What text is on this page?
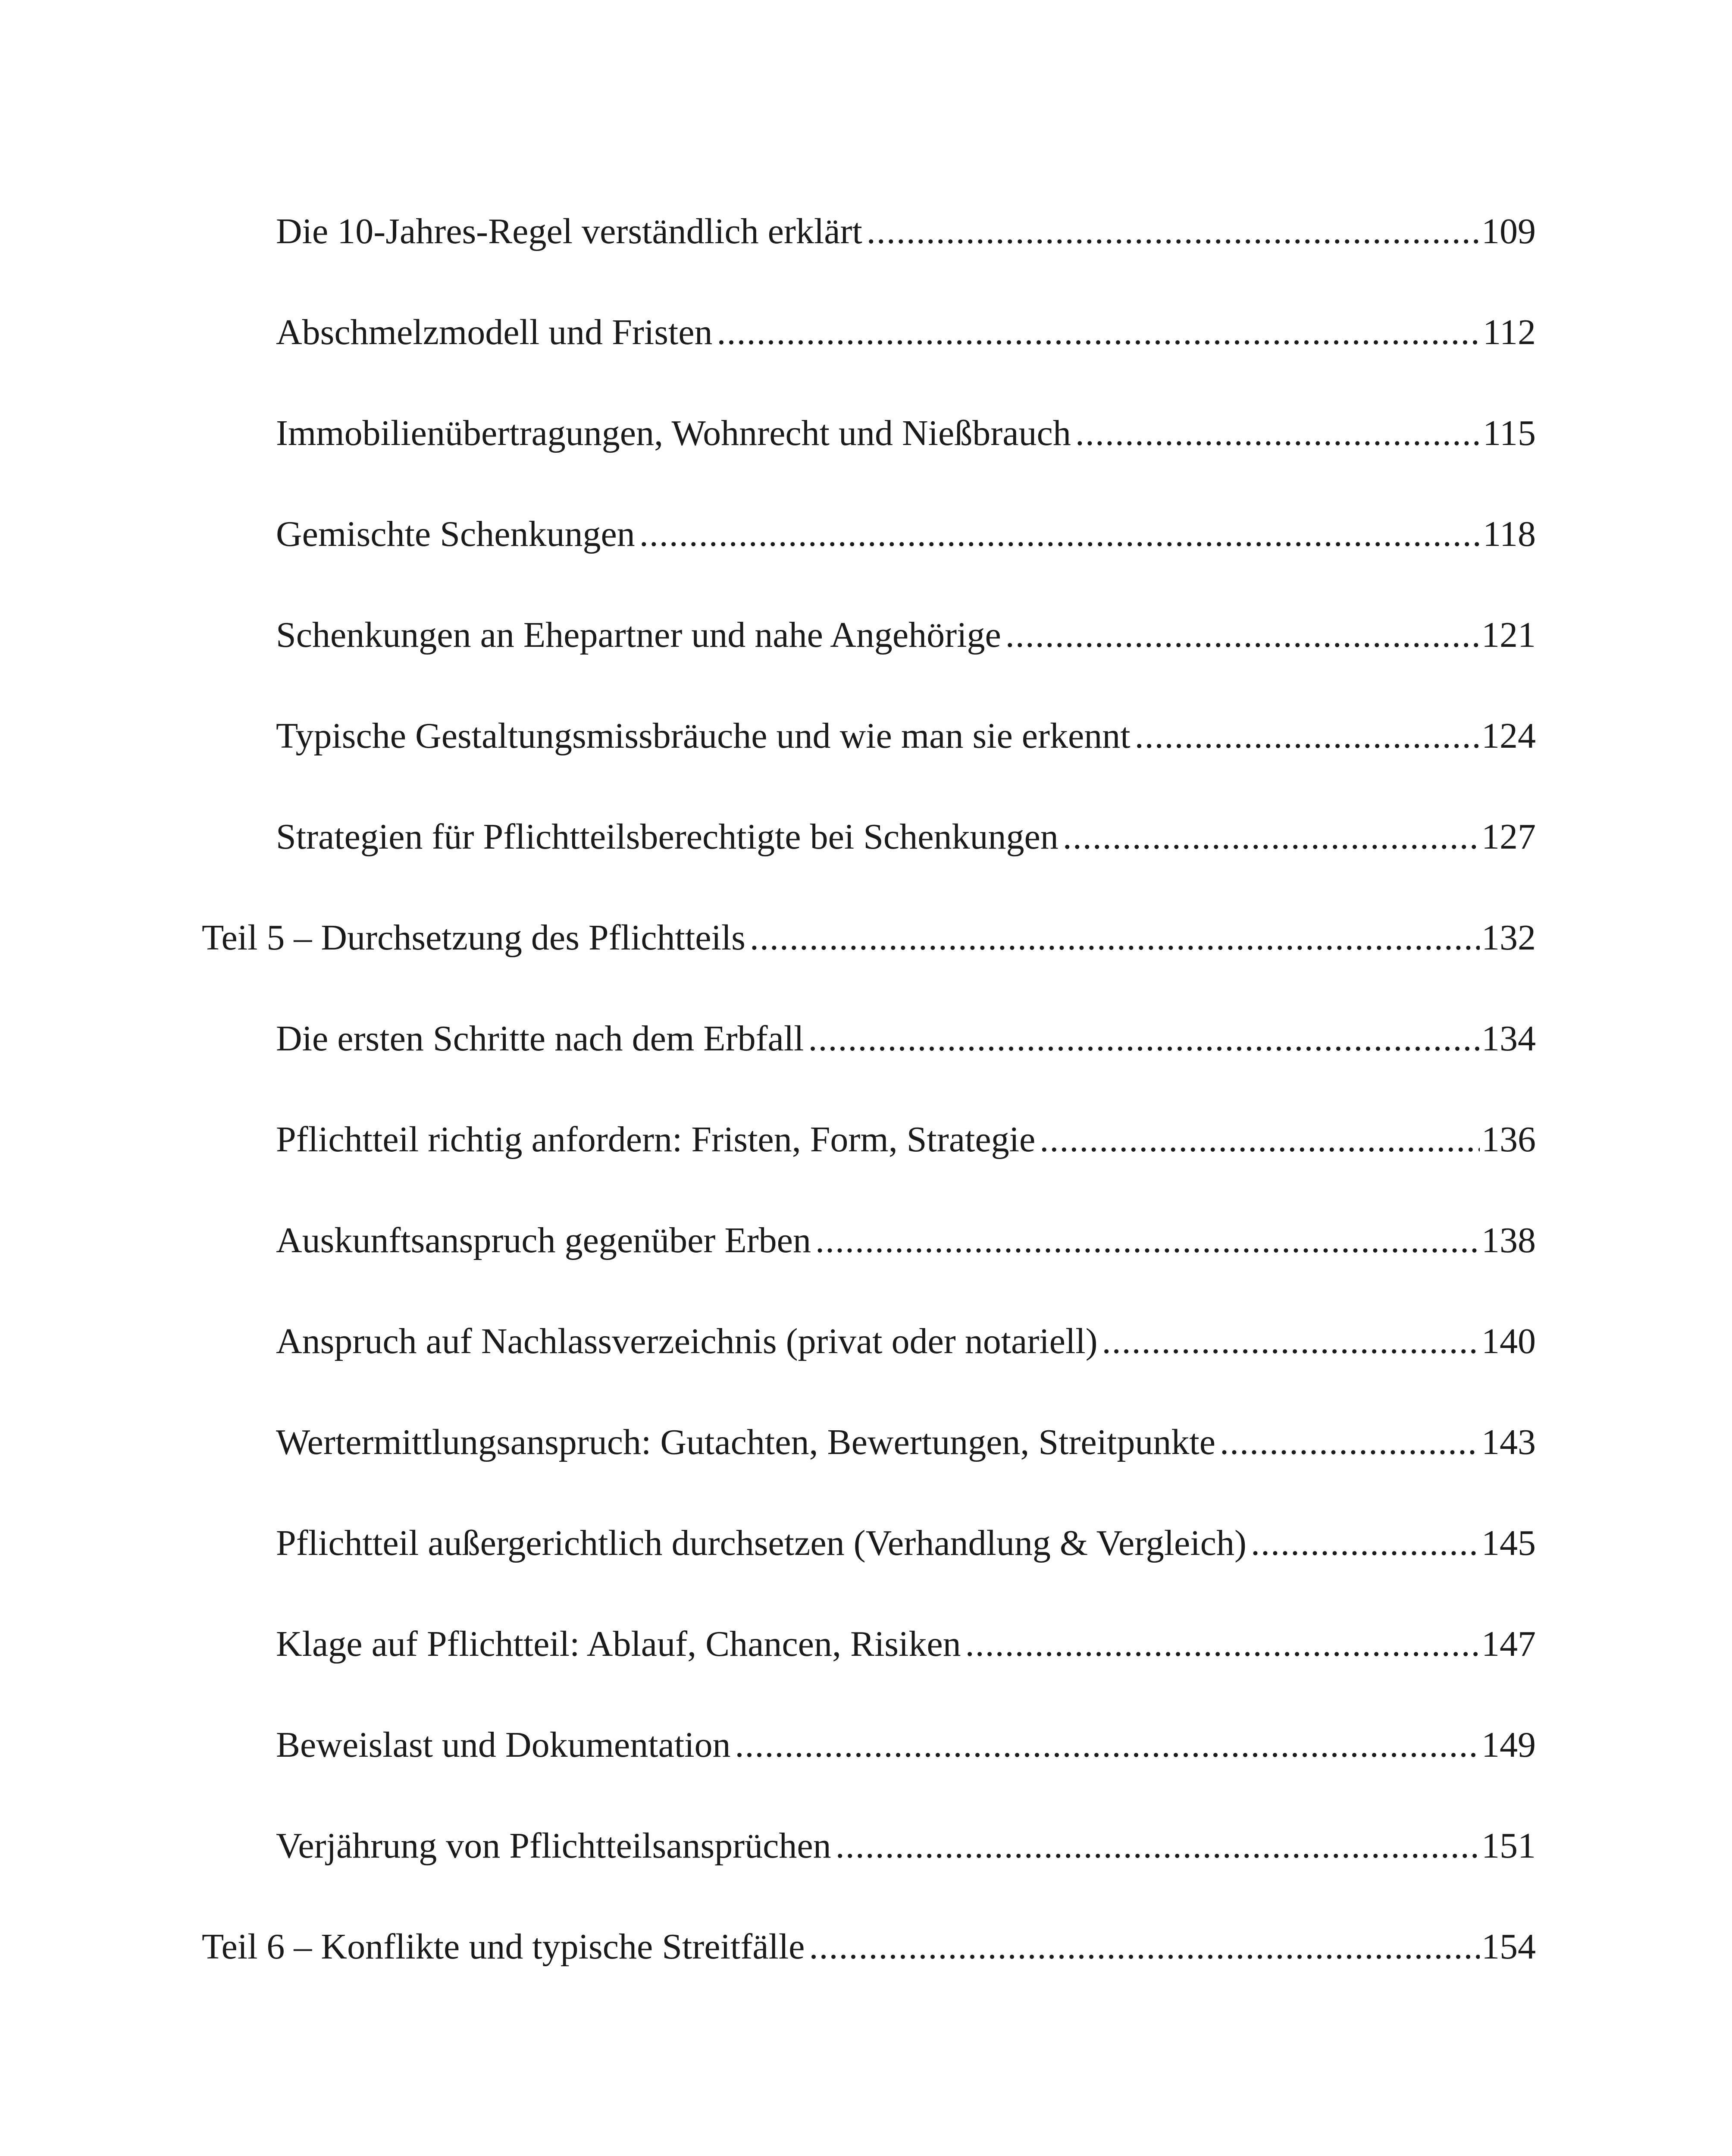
Die 10-Jahres-Regel verständlich erklärt .....	109
Abschmelzmodell und Fristen .....	112
Immobilienübertragungen, Wohnrecht und Nießbrauch .....	115
Gemischte Schenkungen .....	118
Schenkungen an Ehepartner und nahe Angehörige .....	121
Typische Gestaltungsmissbräuche und wie man sie erkennt .....	124
Strategien für Pflichtteilsberechtigte bei Schenkungen .....	127
Teil 5 – Durchsetzung des Pflichtteils .....	132
Die ersten Schritte nach dem Erbfall .....	134
Pflichtteil richtig anfordern: Fristen, Form, Strategie .....	136
Auskunftsanspruch gegenüber Erben .....	138
Anspruch auf Nachlassverzeichnis (privat oder notariell) .....	140
Wertermittlungsanspruch: Gutachten, Bewertungen, Streitpunkte .....	143
Pflichtteil außergerichtlich durchsetzen (Verhandlung & Vergleich) .....	145
Klage auf Pflichtteil: Ablauf, Chancen, Risiken .....	147
Beweislast und Dokumentation .....	149
Verjährung von Pflichtteilsansprüchen .....	151
Teil 6 – Konflikte und typische Streitfälle .....	154
